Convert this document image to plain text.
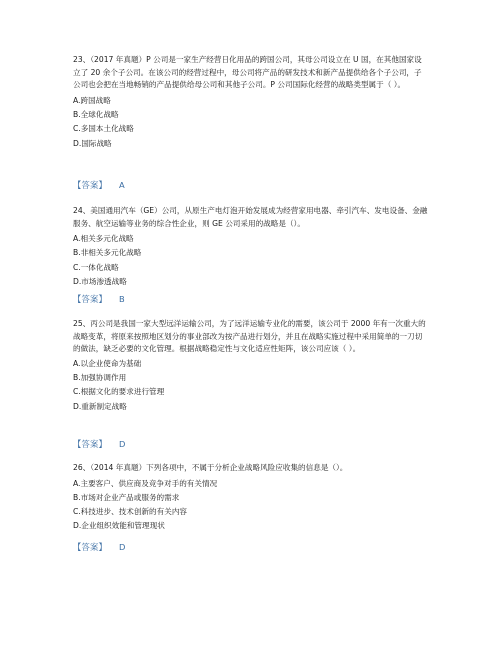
23、（2017 年真题）P 公司是一家生产经营日化用品的跨国公司，其母公司设立在 U 国，在其他国家设立了 20 余个子公司。在该公司的经营过程中，母公司将产品的研发技术和新产品提供给各个子公司，子公司也会把在当地畅销的产品提供给母公司和其他子公司。P 公司国际化经营的战略类型属于（ ）。

A.跨国战略

B.全球化战略

C.多国本土化战略

D.国际战略

【答案】 A

24、美国通用汽车（GE）公司，从原生产电灯泡开始发展成为经营家用电器、牵引汽车、发电设备、金融服务、航空运输等业务的综合性企业，则 GE 公司采用的战略是（）。

A.相关多元化战略

B.非相关多元化战略

C.一体化战略

D.市场渗透战略

【答案】 B

25、丙公司是我国一家大型远洋运输公司，为了远洋运输专业化的需要，该公司于 2000 年有一次重大的战略变革，将原来按照地区划分的事业部改为按产品进行划分，并且在战略实施过程中采用简单的一刀切的做法，缺乏必要的文化管理。根据战略稳定性与文化适应性矩阵，该公司应该（ ）。

A.以企业使命为基础

B.加强协调作用

C.根据文化的要求进行管理

D.重新制定战略

【答案】 D

26、（2014 年真题）下列各项中，不属于分析企业战略风险应收集的信息是（）。

A.主要客户、供应商及竞争对手的有关情况

B.市场对企业产品或服务的需求

C.科技进步、技术创新的有关内容

D.企业组织效能和管理现状

【答案】 D
